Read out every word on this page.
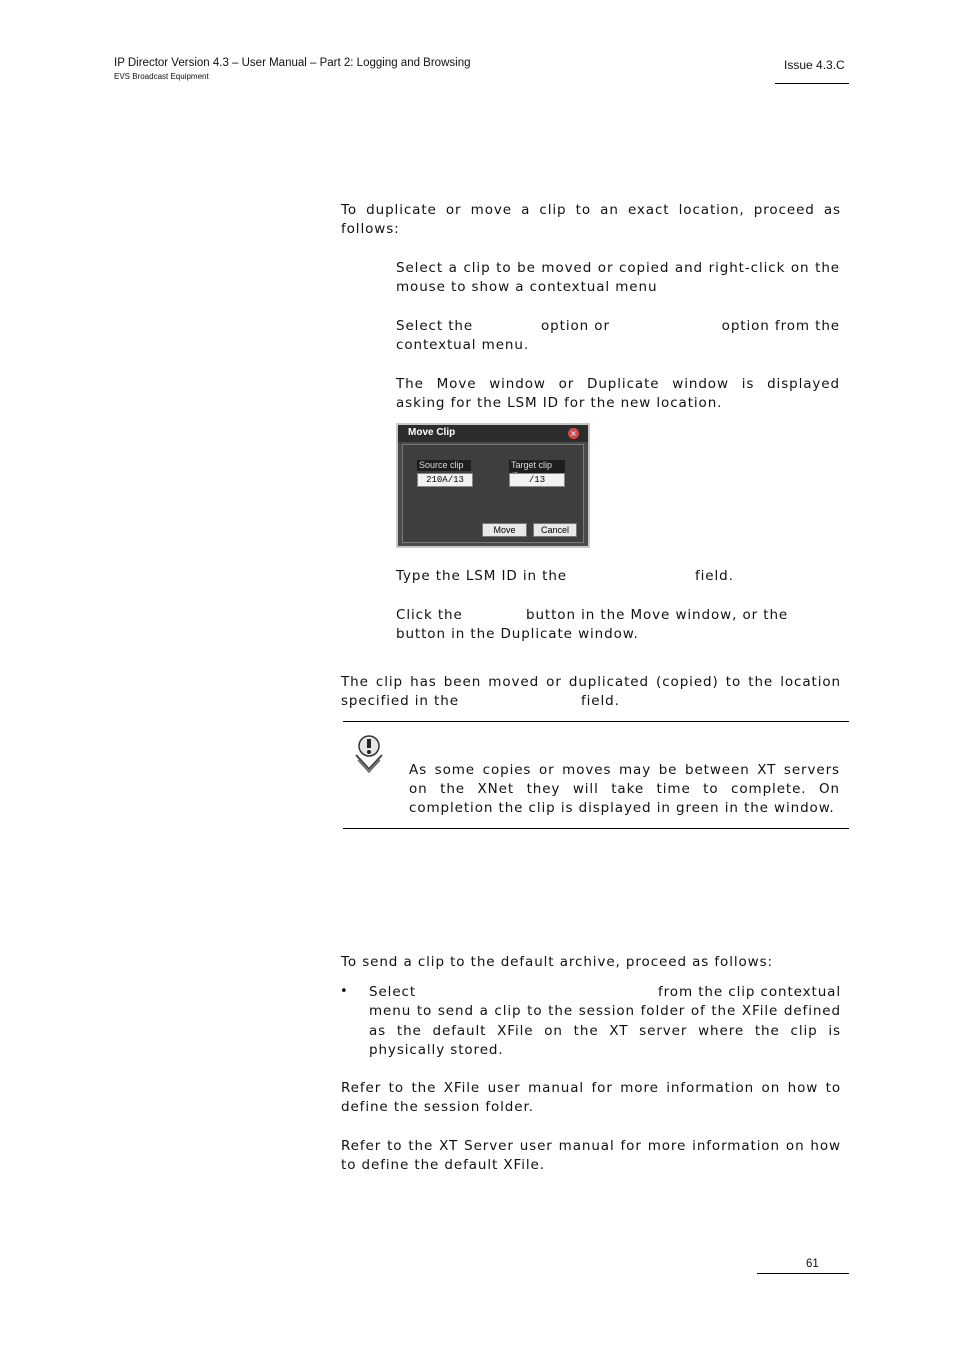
IP Director Version 4.3 – User Manual – Part 2: Logging and Browsing
EVS Broadcast Equipment
Issue 4.3.C
To duplicate or move a clip to an exact location, proceed as
follows:
Select a clip to be moved or copied and right-click on the
mouse to show a contextual menu
Select the	option or	option from the
contextual menu.
The Move window or Duplicate window is displayed
asking for the LSM ID for the new location.
Move Clip	×
Source clip
210A/13
Target clip
/13
Move	Cancel
Type the LSM ID in the	field.
Click the	button in the Move window, or the
button in the Duplicate window.
The clip has been moved or duplicated (copied) to the location
specified in the	field.
As some copies or moves may be between XT servers
on the XNet they will take time to complete. On
completion the clip is displayed in green in the window.
To send a clip to the default archive, proceed as follows:
• Select	from the clip contextual
menu to send a clip to the session folder of the XFile defined
as the default XFile on the XT server where the clip is
physically stored.
Refer to the XFile user manual for more information on how to
define the session folder.
Refer to the XT Server user manual for more information on how
to define the default XFile.
61
